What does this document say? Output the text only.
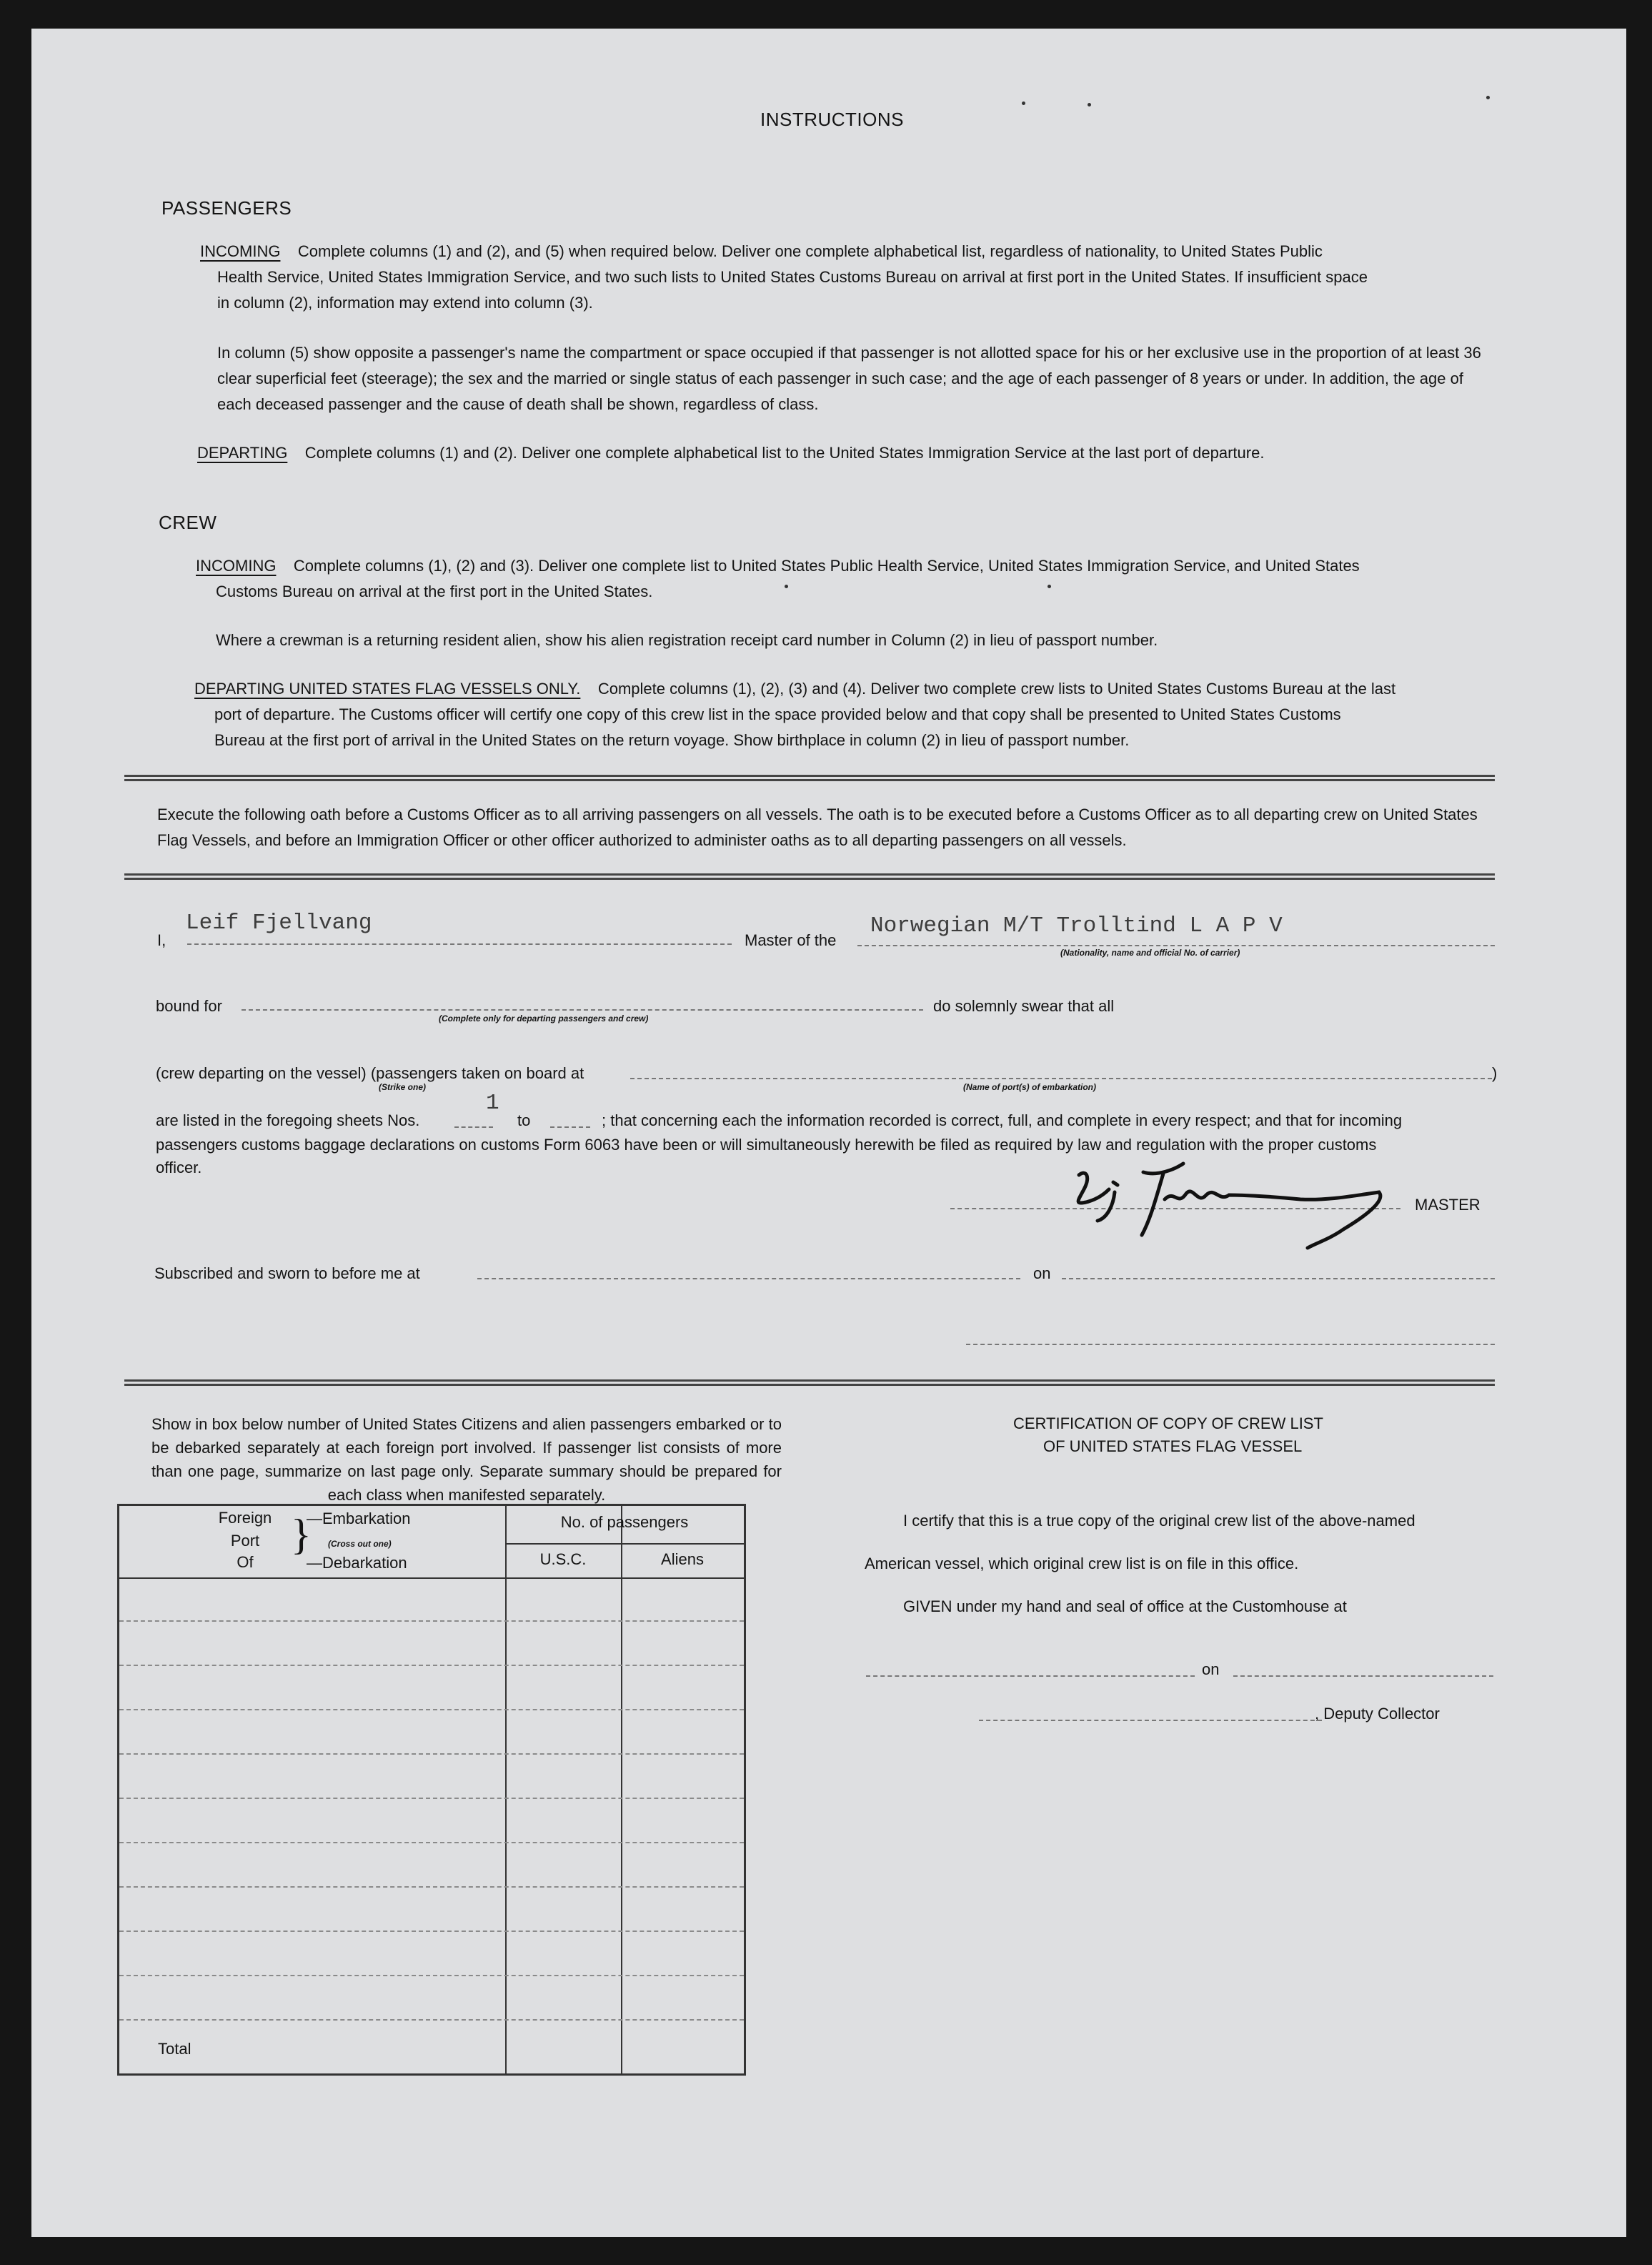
INSTRUCTIONS
PASSENGERS
INCOMING Complete columns (1) and (2), and (5) when required below. Deliver one complete alphabetical list, regardless of nationality, to United States Public
Health Service, United States Immigration Service, and two such lists to United States Customs Bureau on arrival at first port in the United States. If insufficient space
in column (2), information may extend into column (3).
In column (5) show opposite a passenger's name the compartment or space occupied if that passenger is not allotted space for his or her exclusive use in the proportion of at least 36 clear superficial feet (steerage); the sex and the married or single status of each passenger in such case; and the age of each passenger of 8 years or under. In addition, the age of each deceased passenger and the cause of death shall be shown, regardless of class.
DEPARTING Complete columns (1) and (2). Deliver one complete alphabetical list to the United States Immigration Service at the last port of departure.
CREW
INCOMING Complete columns (1), (2) and (3). Deliver one complete list to United States Public Health Service, United States Immigration Service, and United States
Customs Bureau on arrival at the first port in the United States.
Where a crewman is a returning resident alien, show his alien registration receipt card number in Column (2) in lieu of passport number.
DEPARTING UNITED STATES FLAG VESSELS ONLY. Complete columns (1), (2), (3) and (4). Deliver two complete crew lists to United States Customs Bureau at the last
port of departure. The Customs officer will certify one copy of this crew list in the space provided below and that copy shall be presented to United States Customs
Bureau at the first port of arrival in the United States on the return voyage. Show birthplace in column (2) in lieu of passport number.
Execute the following oath before a Customs Officer as to all arriving passengers on all vessels. The oath is to be executed before a Customs Officer as to all departing crew on United States Flag Vessels, and before an Immigration Officer or other officer authorized to administer oaths as to all departing passengers on all vessels.
I,
Leif Fjellvang
Master of the
Norwegian M/T Trolltind L A P V
(Nationality, name and official No. of carrier)
bound for
(Complete only for departing passengers and crew)
do solemnly swear that all
(crew departing on the vessel) (passengers taken on board at	)
(Strike one)	(Name of port(s) of embarkation)
are listed in the foregoing sheets Nos.
1
to	; that concerning each the information recorded is correct, full, and complete in every respect; and that for incoming
passengers customs baggage declarations on customs Form 6063 have been or will simultaneously herewith be filed as required by law and regulation with the proper customs
officer.
MASTER
Subscribed and sworn to before me at	on
Show in box below number of United States Citizens and alien passengers embarked or to be debarked separately at each foreign port involved. If passenger list consists of more than one page, summarize on last page only. Separate summary should be prepared for each class when manifested separately.
Foreign
Port
Of
}
—Embarkation
(Cross out one)
—Debarkation
No. of passengers
U.S.C.	Aliens
Total
CERTIFICATION OF COPY OF CREW LIST
OF UNITED STATES FLAG VESSEL
I certify that this is a true copy of the original crew list of the above-named
American vessel, which original crew list is on file in this office.
GIVEN under my hand and seal of office at the Customhouse at
on
, Deputy Collector
